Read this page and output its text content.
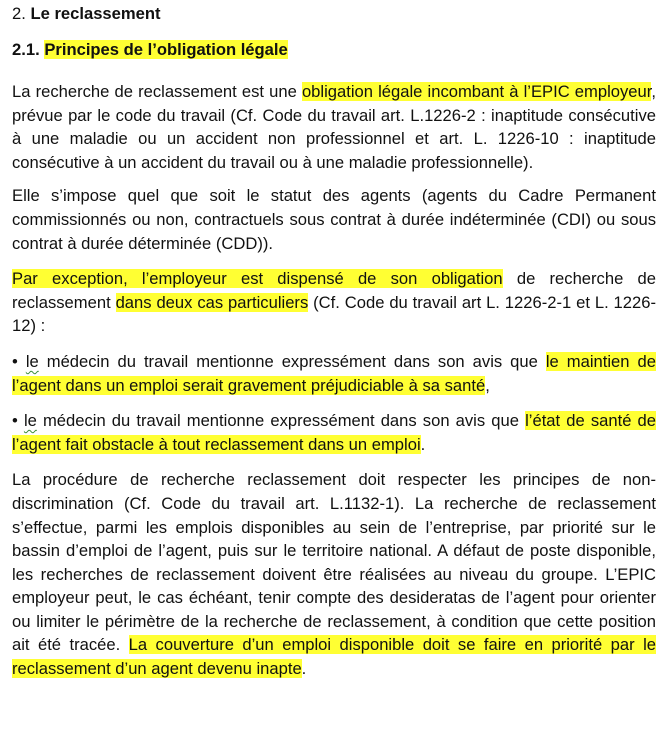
2. Le reclassement
2.1. Principes de l’obligation légale

La recherche de reclassement est une obligation légale incombant à l’EPIC employeur, prévue par le code du travail (Cf. Code du travail art. L.1226-2 : inaptitude consécutive à une maladie ou un accident non professionnel et art. L. 1226-10 : inaptitude consécutive à un accident du travail ou à une maladie professionnelle).

Elle s’impose quel que soit le statut des agents (agents du Cadre Permanent commissionnés ou non, contractuels sous contrat à durée indéterminée (CDI) ou sous contrat à durée déterminée (CDD)).

Par exception, l’employeur est dispensé de son obligation de recherche de reclassement dans deux cas particuliers (Cf. Code du travail art L. 1226-2-1 et L. 1226-12) :

• le médecin du travail mentionne expressément dans son avis que le maintien de l’agent dans un emploi serait gravement préjudiciable à sa santé,

• le médecin du travail mentionne expressément dans son avis que l’état de santé de l’agent fait obstacle à tout reclassement dans un emploi.

La procédure de recherche reclassement doit respecter les principes de non-discrimination (Cf. Code du travail art. L.1132-1). La recherche de reclassement s’effectue, parmi les emplois disponibles au sein de l’entreprise, par priorité sur le bassin d’emploi de l’agent, puis sur le territoire national. A défaut de poste disponible, les recherches de reclassement doivent être réalisées au niveau du groupe. L’EPIC employeur peut, le cas échéant, tenir compte des desideratas de l’agent pour orienter ou limiter le périmètre de la recherche de reclassement, à condition que cette position ait été tracée. La couverture d’un emploi disponible doit se faire en priorité par le reclassement d’un agent devenu inapte.
